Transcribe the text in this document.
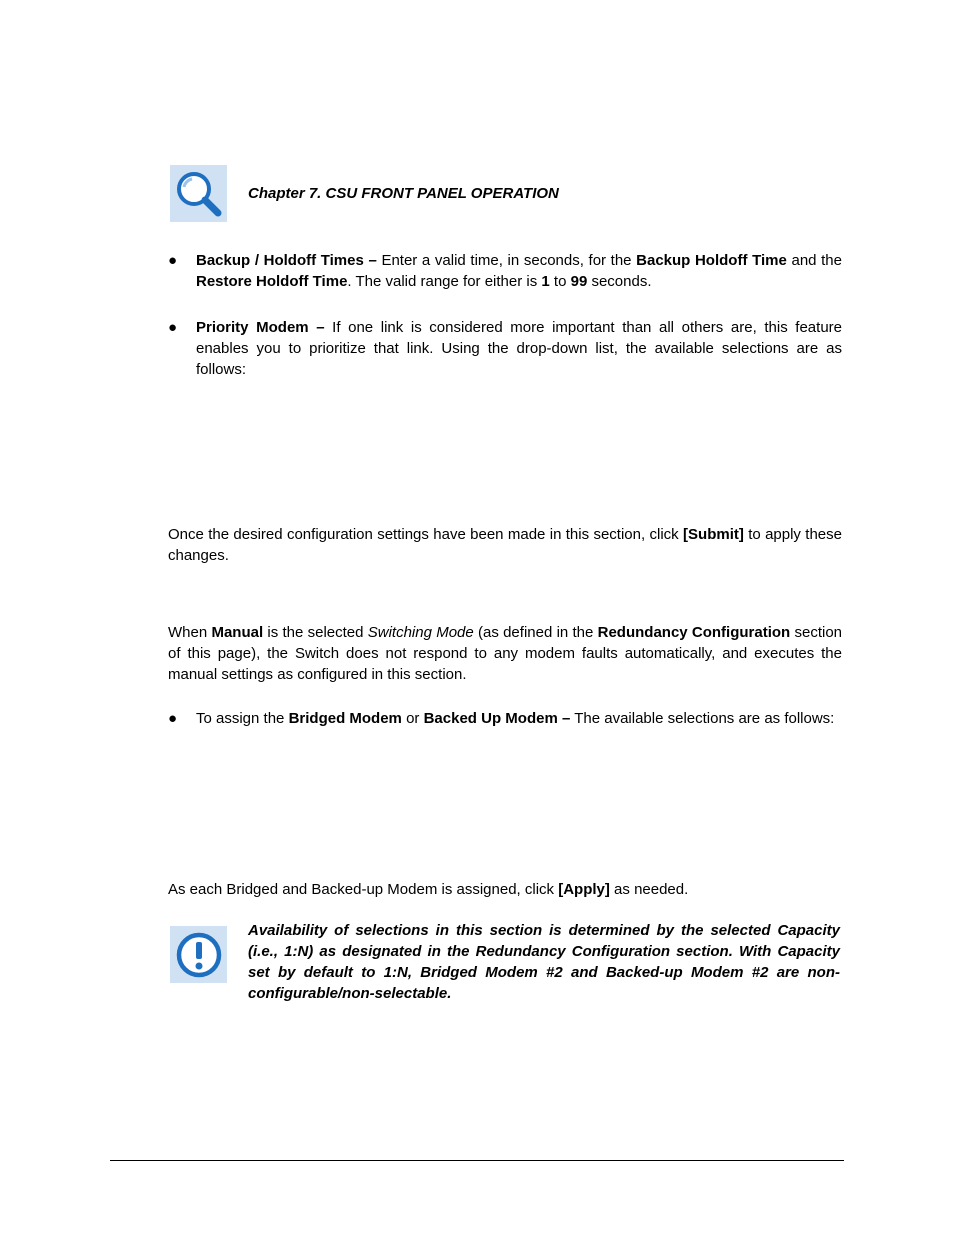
Chapter 7. CSU FRONT PANEL OPERATION
●	Backup / Holdoff Times – Enter a valid time, in seconds, for the Backup Holdoff Time and the Restore Holdoff Time. The valid range for either is 1 to 99 seconds.
●	Priority Modem – If one link is considered more important than all others are, this feature enables you to prioritize that link. Using the drop-down list, the available selections are as follows:
Once the desired configuration settings have been made in this section, click [Submit] to apply these changes.
When Manual is the selected Switching Mode (as defined in the Redundancy Configuration section of this page), the Switch does not respond to any modem faults automatically, and executes the manual settings as configured in this section.
●	To assign the Bridged Modem or Backed Up Modem – The available selections are as follows:
As each Bridged and Backed-up Modem is assigned, click [Apply] as needed.
Availability of selections in this section is determined by the selected Capacity (i.e., 1:N) as designated in the Redundancy Configuration section. With Capacity set by default to 1:N, Bridged Modem #2 and Backed-up Modem #2 are non-configurable/non-selectable.
